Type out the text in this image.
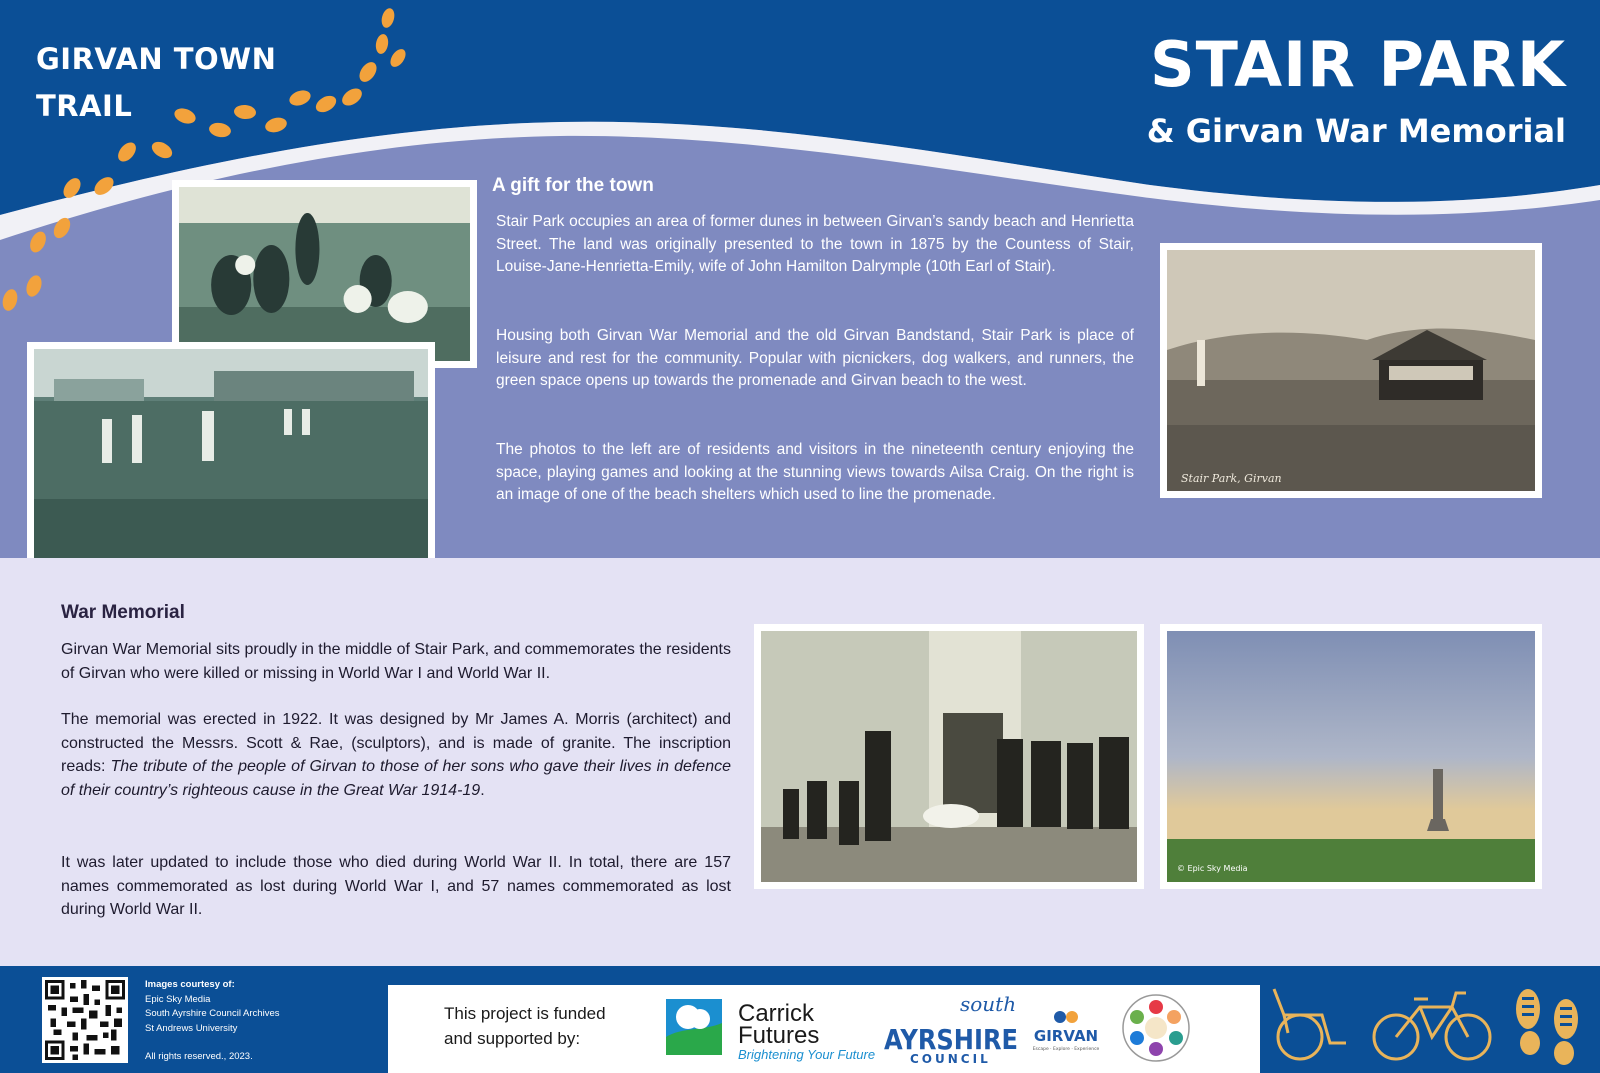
GIRVAN TOWN TRAIL
STAIR PARK
& Girvan War Memorial
A gift for the town

Stair Park occupies an area of former dunes in between Girvan’s sandy beach and Henrietta Street. The land was originally presented to the town in 1875 by the Countess of Stair, Louise-Jane-Henrietta-Emily, wife of John Hamilton Dalrymple (10th Earl of Stair).

Housing both Girvan War Memorial and the old Girvan Bandstand, Stair Park is place of leisure and rest for the community. Popular with picnickers, dog walkers, and runners, the green space opens up towards the promenade and Girvan beach to the west.

The photos to the left are of residents and visitors in the nineteenth century enjoying the space, playing games and looking at the stunning views towards Ailsa Craig. On the right is an image of one of the beach shelters which used to line the promenade.

Stair Park, Girvan
War Memorial

Girvan War Memorial sits proudly in the middle of Stair Park, and commemorates the residents of Girvan who were killed or missing in World War I and World War II.

The memorial was erected in 1922. It was designed by Mr James A. Morris (architect) and constructed the Messrs. Scott & Rae, (sculptors), and is made of granite. The inscription reads: The tribute of the people of Girvan to those of her sons who gave their lives in defence of their country’s righteous cause in the Great War 1914-19.

It was later updated to include those who died during World War II. In total, there are 157 names commemorated as lost during World War I, and 57 names commemorated as lost during World War II.

© Epic Sky Media
Images courtesy of:
Epic Sky Media
South Ayrshire Council Archives
St Andrews University
All rights reserved., 2023.
This project is funded
and supported by:
Carrick
Futures
Brightening Your Future
south
AYRSHIRE
COUNCIL
GIRVAN
Escape · Explore · Experience
